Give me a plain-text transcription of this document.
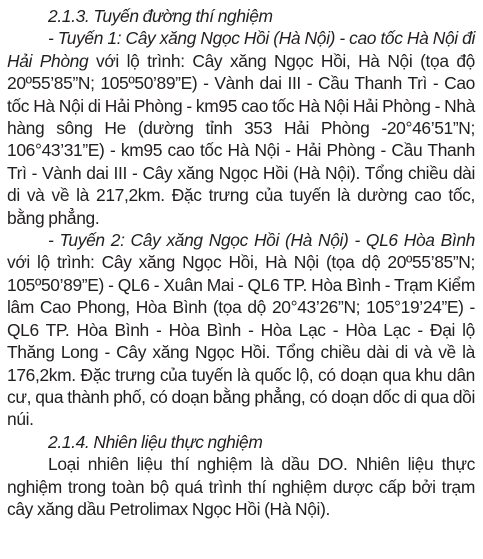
2.1.3. Tuyến đường thí nghiệm

- Tuyến 1: Cây xăng Ngọc Hồi (Hà Nội) - cao tốc Hà Nội đi Hải Phòng với lộ trình: Cây xăng Ngọc Hồi, Hà Nội (tọa độ 20º55’85”N; 105º50’89”E) - Vành dai III - Cầu Thanh Trì - Cao tốc Hà Nội di Hải Phòng - km95 cao tốc Hà Nội Hải Phòng - Nhà hàng sông He (dường tỉnh 353 Hải Phòng -20°46’51”N; 106°43’31”E) - km95 cao tốc Hà Nội - Hải Phòng - Cầu Thanh Trì - Vành dai III - Cây xăng Ngọc Hồi (Hà Nội). Tổng chiều dài di và về là 217,2km. Đặc trưng của tuyến là dường cao tốc, bằng phẳng.

- Tuyến 2: Cây xăng Ngọc Hồi (Hà Nội) - QL6 Hòa Bình với lộ trình: Cây xăng Ngọc Hồi, Hà Nội (tọa dộ 20º55’85”N; 105º50’89”E) - QL6 - Xuân Mai - QL6 TP. Hòa Bình - Trạm Kiểm lâm Cao Phong, Hòa Bình (tọa dộ 20°43’26”N; 105°19’24”E) - QL6 TP. Hòa Bình - Hòa Bình - Hòa Lạc - Hòa Lạc - Đại lộ Thăng Long - Cây xăng Ngọc Hồi. Tổng chiều dài di và về là 176,2km. Đặc trưng của tuyến là quốc lộ, có doạn qua khu dân cư, qua thành phố, có doạn bằng phẳng, có doạn dốc di qua dồi núi.

2.1.4. Nhiên liệu thực nghiệm

Loại nhiên liệu thí nghiệm là dầu DO. Nhiên liệu thực nghiệm trong toàn bộ quá trình thí nghiệm dược cấp bởi trạm cây xăng dầu Petrolimax Ngọc Hồi (Hà Nội).
